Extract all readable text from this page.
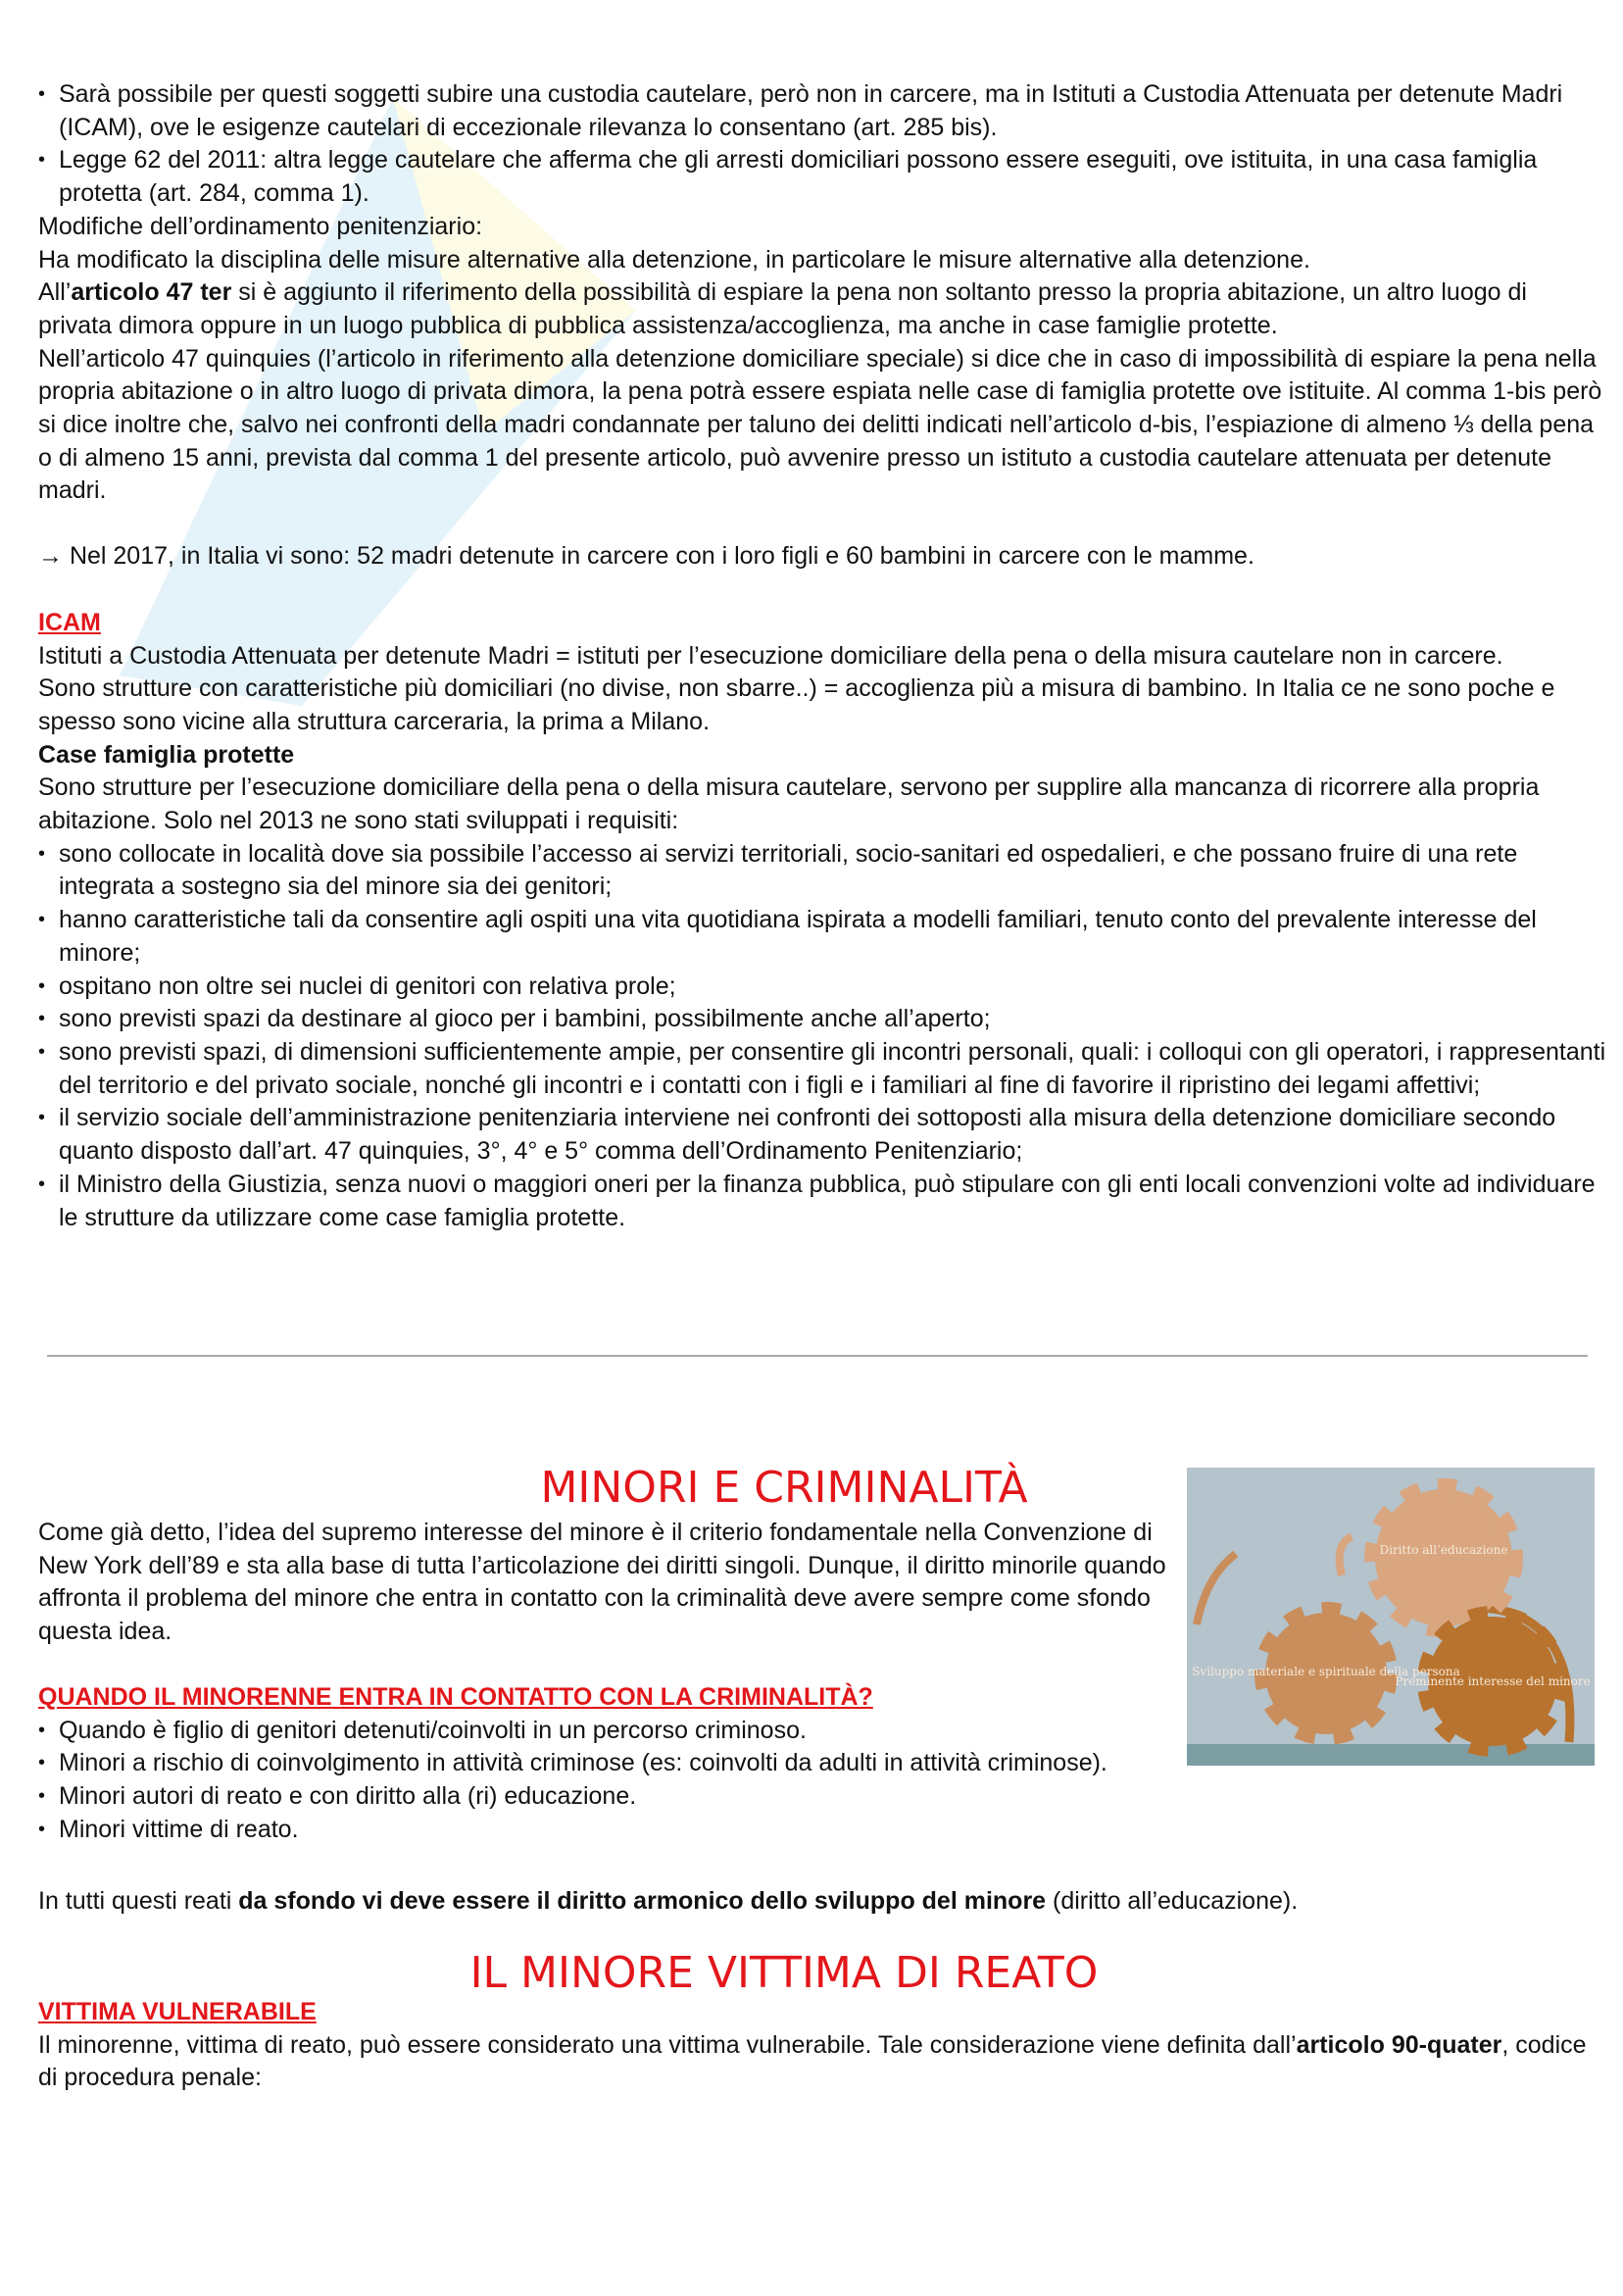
• Sarà possibile per questi soggetti subire una custodia cautelare, però non in carcere, ma in Istituti a Custodia Attenuata per detenute Madri (ICAM), ove le esigenze cautelari di eccezionale rilevanza lo consentano (art. 285 bis).
• Legge 62 del 2011: altra legge cautelare che afferma che gli arresti domiciliari possono essere eseguiti, ove istituita, in una casa famiglia protetta (art. 284, comma 1).

Modifiche dell’ordinamento penitenziario:

Ha modificato la disciplina delle misure alternative alla detenzione, in particolare le misure alternative alla detenzione.

All’articolo 47 ter si è aggiunto il riferimento della possibilità di espiare la pena non soltanto presso la propria abitazione, un altro luogo di privata dimora oppure in un luogo pubblica di pubblica assistenza/accoglienza, ma anche in case famiglie protette.

Nell’articolo 47 quinquies (l’articolo in riferimento alla detenzione domiciliare speciale) si dice che in caso di impossibilità di espiare la pena nella propria abitazione o in altro luogo di privata dimora, la pena potrà essere espiata nelle case di famiglia protette ove istituite. Al comma 1-bis però si dice inoltre che, salvo nei confronti della madri condannate per taluno dei delitti indicati nell’articolo d-bis, l’espiazione di almeno ⅓ della pena o di almeno 15 anni, prevista dal comma 1 del presente articolo, può avvenire presso un istituto a custodia cautelare attenuata per detenute madri.

→ Nel 2017, in Italia vi sono: 52 madri detenute in carcere con i loro figli e 60 bambini in carcere con le mamme.

ICAM

Istituti a Custodia Attenuata per detenute Madri = istituti per l’esecuzione domiciliare della pena o della misura cautelare non in carcere.

Sono strutture con caratteristiche più domiciliari (no divise, non sbarre..) = accoglienza più a misura di bambino. In Italia ce ne sono poche e spesso sono vicine alla struttura carceraria, la prima a Milano.

Case famiglia protette

Sono strutture per l’esecuzione domiciliare della pena o della misura cautelare, servono per supplire alla mancanza di ricorrere alla propria abitazione. Solo nel 2013 ne sono stati sviluppati i requisiti:

• sono collocate in località dove sia possibile l’accesso ai servizi territoriali, socio-sanitari ed ospedalieri, e che possano fruire di una rete integrata a sostegno sia del minore sia dei genitori;
• hanno caratteristiche tali da consentire agli ospiti una vita quotidiana ispirata a modelli familiari, tenuto conto del prevalente interesse del minore;
• ospitano non oltre sei nuclei di genitori con relativa prole;
• sono previsti spazi da destinare al gioco per i bambini, possibilmente anche all’aperto;
• sono previsti spazi, di dimensioni sufficientemente ampie, per consentire gli incontri personali, quali: i colloqui con gli operatori, i rappresentanti del territorio e del privato sociale, nonché gli incontri e i contatti con i figli e i familiari al fine di favorire il ripristino dei legami affettivi;
• il servizio sociale dell’amministrazione penitenziaria interviene nei confronti dei sottoposti alla misura della detenzione domiciliare secondo quanto disposto dall’art. 47 quinquies, 3°, 4° e 5° comma dell’Ordinamento Penitenziario;
• il Ministro della Giustizia, senza nuovi o maggiori oneri per la finanza pubblica, può stipulare con gli enti locali convenzioni volte ad individuare le strutture da utilizzare come case famiglia protette.
MINORI E CRIMINALITÀ

Come già detto, l’idea del supremo interesse del minore è il criterio fondamentale nella Convenzione di New York dell’89 e sta alla base di tutta l’articolazione dei diritti singoli. Dunque, il diritto minorile quando affronta il problema del minore che entra in contatto con la criminalità deve avere sempre come sfondo questa idea.

QUANDO IL MINORENNE ENTRA IN CONTATTO CON LA CRIMINALITÀ?

• Quando è figlio di genitori detenuti/coinvolti in un percorso criminoso.
• Minori a rischio di coinvolgimento in attività criminose (es: coinvolti da adulti in attività criminose).
• Minori autori di reato e con diritto alla (ri) educazione.
• Minori vittime di reato.

In tutti questi reati da sfondo vi deve essere il diritto armonico dello sviluppo del minore (diritto all’educazione).

Diritto all’educazione
Sviluppo materiale e spirituale della persona
Preminente interesse del minore
IL MINORE VITTIMA DI REATO

VITTIMA VULNERABILE

Il minorenne, vittima di reato, può essere considerato una vittima vulnerabile. Tale considerazione viene definita dall’articolo 90-quater, codice di procedura penale:
